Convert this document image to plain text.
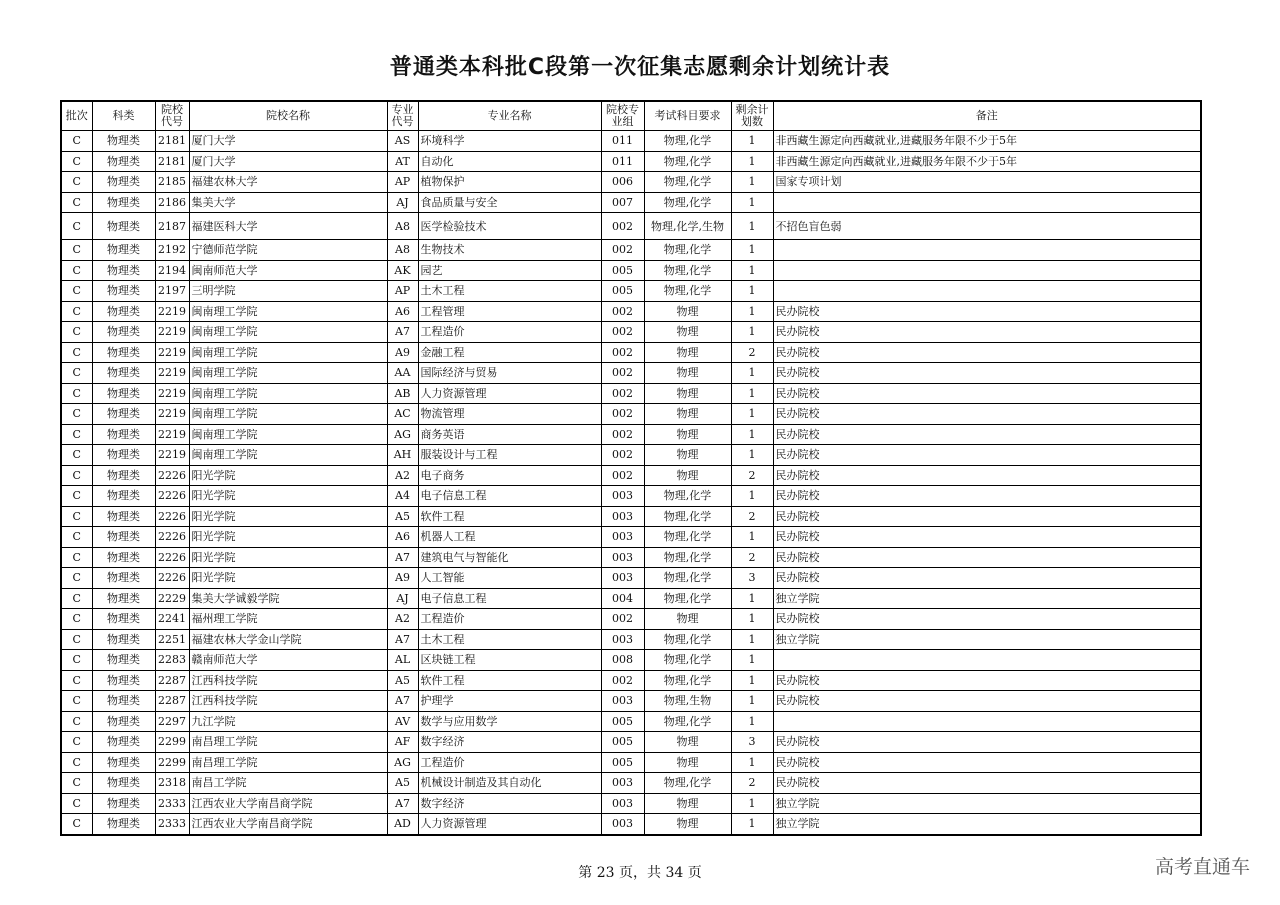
普通类本科批C段第一次征集志愿剩余计划统计表
批次	科类	院校代号	院校名称	专业代号	专业名称	院校专业组	考试科目要求	剩余计划数	备注
C	物理类	2181	厦门大学	AS	环境科学	011	物理,化学	1	非西藏生源定向西藏就业,进藏服务年限不少于5年
C	物理类	2181	厦门大学	AT	自动化	011	物理,化学	1	非西藏生源定向西藏就业,进藏服务年限不少于5年
C	物理类	2185	福建农林大学	AP	植物保护	006	物理,化学	1	国家专项计划
C	物理类	2186	集美大学	AJ	食品质量与安全	007	物理,化学	1	
C	物理类	2187	福建医科大学	A8	医学检验技术	002	物理,化学,生物	1	不招色盲色弱
C	物理类	2192	宁德师范学院	A8	生物技术	002	物理,化学	1	
C	物理类	2194	闽南师范大学	AK	园艺	005	物理,化学	1	
C	物理类	2197	三明学院	AP	土木工程	005	物理,化学	1	
C	物理类	2219	闽南理工学院	A6	工程管理	002	物理	1	民办院校
C	物理类	2219	闽南理工学院	A7	工程造价	002	物理	1	民办院校
C	物理类	2219	闽南理工学院	A9	金融工程	002	物理	2	民办院校
C	物理类	2219	闽南理工学院	AA	国际经济与贸易	002	物理	1	民办院校
C	物理类	2219	闽南理工学院	AB	人力资源管理	002	物理	1	民办院校
C	物理类	2219	闽南理工学院	AC	物流管理	002	物理	1	民办院校
C	物理类	2219	闽南理工学院	AG	商务英语	002	物理	1	民办院校
C	物理类	2219	闽南理工学院	AH	服装设计与工程	002	物理	1	民办院校
C	物理类	2226	阳光学院	A2	电子商务	002	物理	2	民办院校
C	物理类	2226	阳光学院	A4	电子信息工程	003	物理,化学	1	民办院校
C	物理类	2226	阳光学院	A5	软件工程	003	物理,化学	2	民办院校
C	物理类	2226	阳光学院	A6	机器人工程	003	物理,化学	1	民办院校
C	物理类	2226	阳光学院	A7	建筑电气与智能化	003	物理,化学	2	民办院校
C	物理类	2226	阳光学院	A9	人工智能	003	物理,化学	3	民办院校
C	物理类	2229	集美大学诚毅学院	AJ	电子信息工程	004	物理,化学	1	独立学院
C	物理类	2241	福州理工学院	A2	工程造价	002	物理	1	民办院校
C	物理类	2251	福建农林大学金山学院	A7	土木工程	003	物理,化学	1	独立学院
C	物理类	2283	赣南师范大学	AL	区块链工程	008	物理,化学	1	
C	物理类	2287	江西科技学院	A5	软件工程	002	物理,化学	1	民办院校
C	物理类	2287	江西科技学院	A7	护理学	003	物理,生物	1	民办院校
C	物理类	2297	九江学院	AV	数学与应用数学	005	物理,化学	1	
C	物理类	2299	南昌理工学院	AF	数字经济	005	物理	3	民办院校
C	物理类	2299	南昌理工学院	AG	工程造价	005	物理	1	民办院校
C	物理类	2318	南昌工学院	A5	机械设计制造及其自动化	003	物理,化学	2	民办院校
C	物理类	2333	江西农业大学南昌商学院	A7	数字经济	003	物理	1	独立学院
C	物理类	2333	江西农业大学南昌商学院	AD	人力资源管理	003	物理	1	独立学院
第 23 页，共 34 页	高考直通车
